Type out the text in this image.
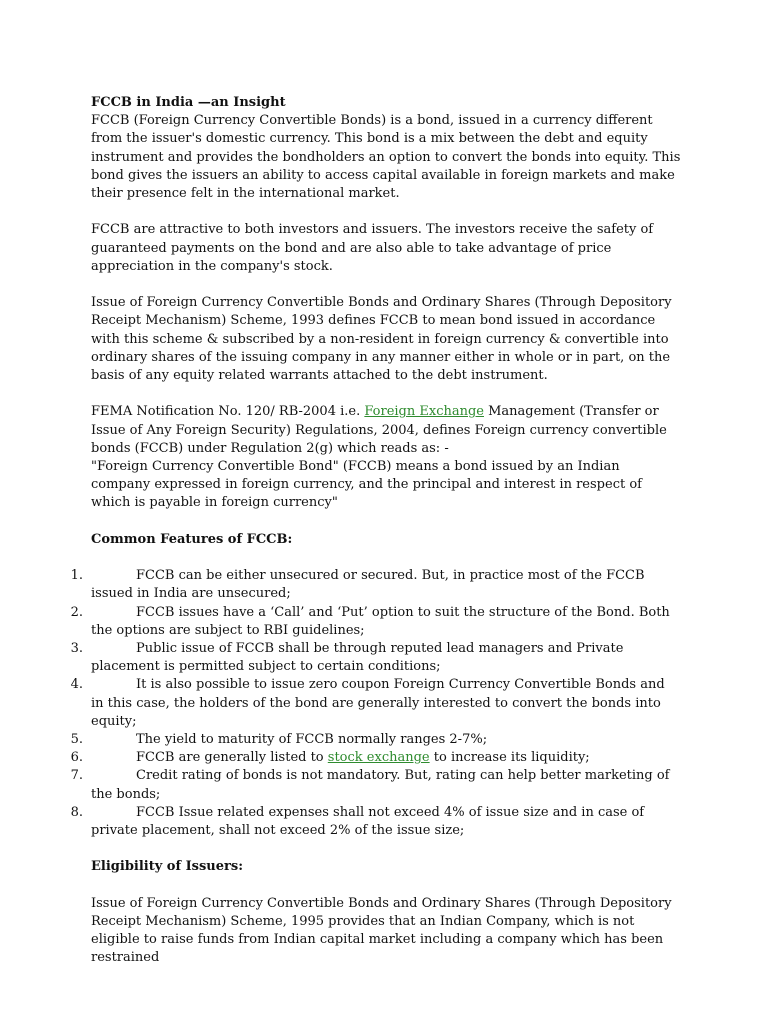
FCCB in India —an Insight
FCCB (Foreign Currency Convertible Bonds) is a bond, issued in a currency different from the issuer's domestic currency. This bond is a mix between the debt and equity instrument and provides the bondholders an option to convert the bonds into equity. This bond gives the issuers an ability to access capital available in foreign markets and make their presence felt in the international market.

FCCB are attractive to both investors and issuers. The investors receive the safety of guaranteed payments on the bond and are also able to take advantage of price appreciation in the company's stock.

Issue of Foreign Currency Convertible Bonds and Ordinary Shares (Through Depository Receipt Mechanism) Scheme, 1993 defines FCCB to mean bond issued in accordance with this scheme & subscribed by a non-resident in foreign currency & convertible into ordinary shares of the issuing company in any manner either in whole or in part, on the basis of any equity related warrants attached to the debt instrument.

FEMA Notification No. 120/ RB-2004 i.e. Foreign Exchange Management (Transfer or Issue of Any Foreign Security) Regulations, 2004, defines Foreign currency convertible bonds (FCCB) under Regulation 2(g) which reads as: -
"Foreign Currency Convertible Bond" (FCCB) means a bond issued by an Indian company expressed in foreign currency, and the principal and interest in respect of which is payable in foreign currency"

Common Features of FCCB:
1.	FCCB can be either unsecured or secured. But, in practice most of the FCCB issued in India are unsecured;
2.	FCCB issues have a ‘Call’ and ‘Put’ option to suit the structure of the Bond. Both the options are subject to RBI guidelines;
3.	Public issue of FCCB shall be through reputed lead managers and Private placement is permitted subject to certain conditions;
4.	It is also possible to issue zero coupon Foreign Currency Convertible Bonds and in this case, the holders of the bond are generally interested to convert the bonds into equity;
5.	The yield to maturity of FCCB normally ranges 2-7%;
6.	FCCB are generally listed to stock exchange to increase its liquidity;
7.	Credit rating of bonds is not mandatory. But, rating can help better marketing of the bonds;
8.	FCCB Issue related expenses shall not exceed 4% of issue size and in case of private placement, shall not exceed 2% of the issue size;
Eligibility of Issuers:

Issue of Foreign Currency Convertible Bonds and Ordinary Shares (Through Depository Receipt Mechanism) Scheme, 1995 provides that an Indian Company, which is not eligible to raise funds from Indian capital market including a company which has been restrained
